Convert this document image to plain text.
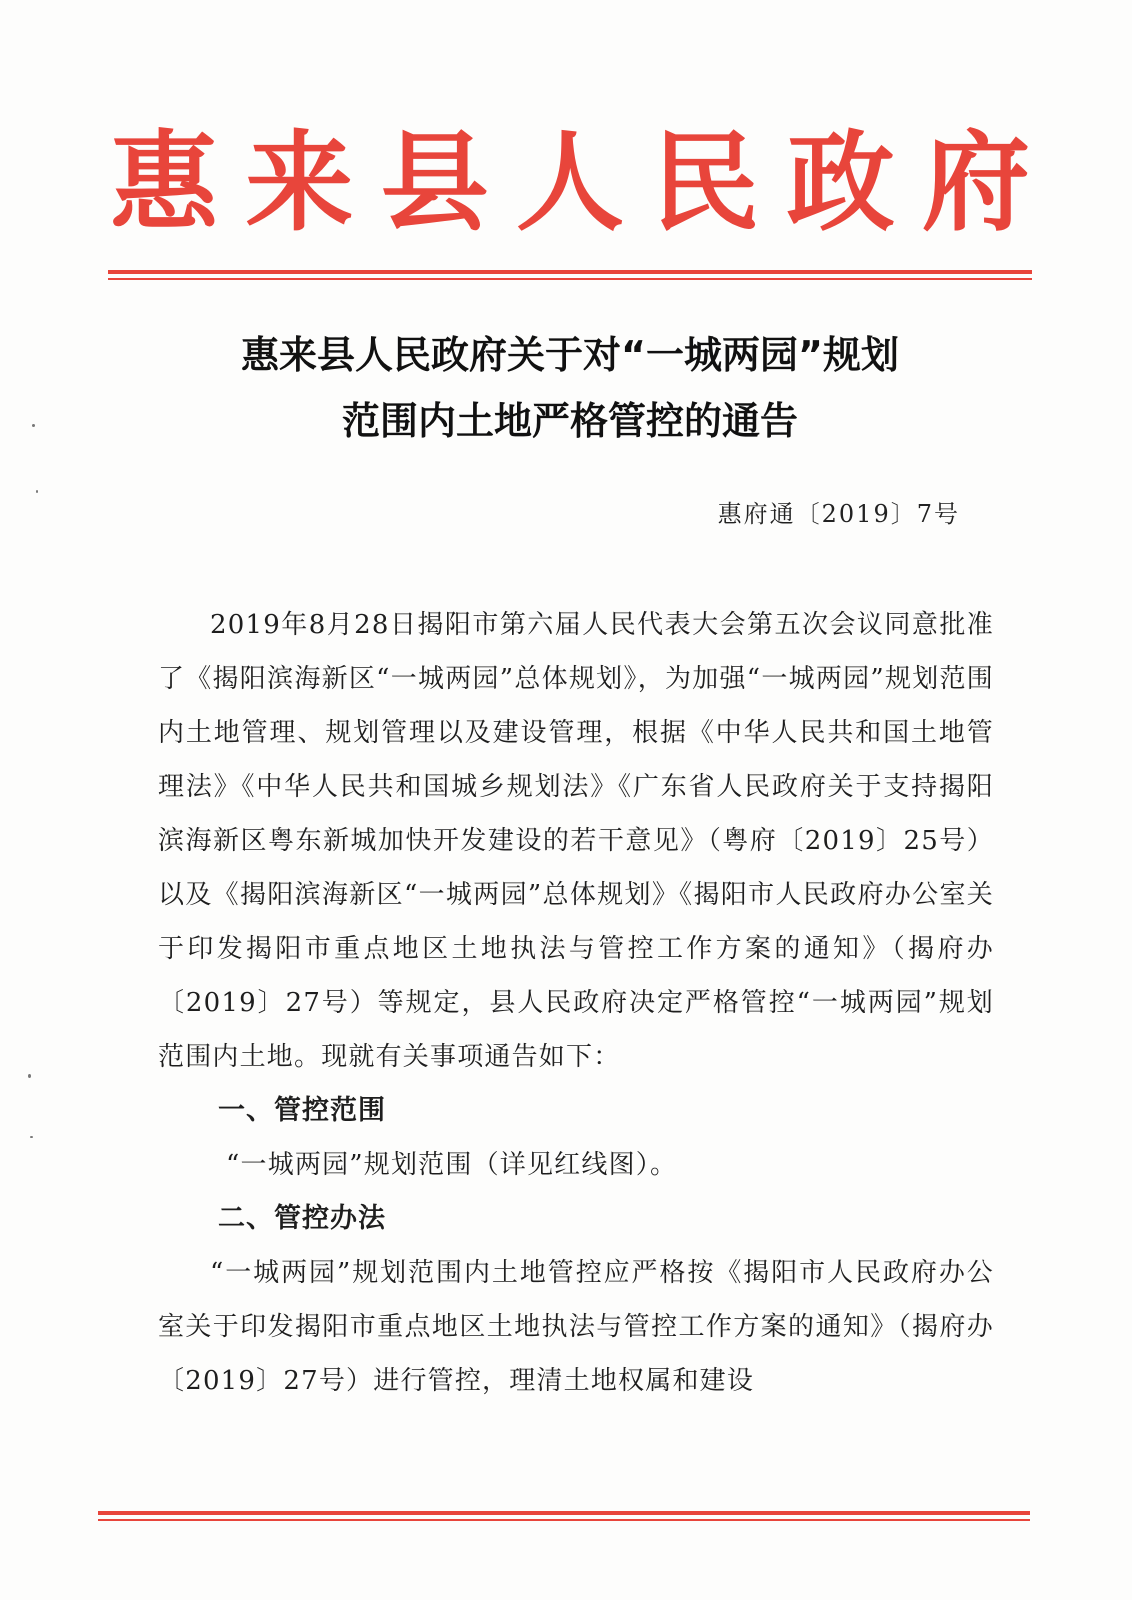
惠 来 县 人 民 政 府
惠来县人民政府关于对“一城两园”规划
范围内土地严格管控的通告
惠府通〔2019〕7号

2019年8月28日揭阳市第六届人民代表大会第五次会议同意批准了《揭阳滨海新区“一城两园”总体规划》，为加强“一城两园”规划范围内土地管理、规划管理以及建设管理，根据《中华人民共和国土地管理法》《中华人民共和国城乡规划法》《广东省人民政府关于支持揭阳滨海新区粤东新城加快开发建设的若干意见》（粤府〔2019〕25号）以及《揭阳滨海新区“一城两园”总体规划》《揭阳市人民政府办公室关于印发揭阳市重点地区土地执法与管控工作方案的通知》（揭府办〔2019〕27号）等规定，县人民政府决定严格管控“一城两园”规划范围内土地。现就有关事项通告如下：

一、管控范围

“一城两园”规划范围（详见红线图）。

二、管控办法

“一城两园”规划范围内土地管控应严格按《揭阳市人民政府办公室关于印发揭阳市重点地区土地执法与管控工作方案的通知》（揭府办〔2019〕27号）进行管控，理清土地权属和建设
